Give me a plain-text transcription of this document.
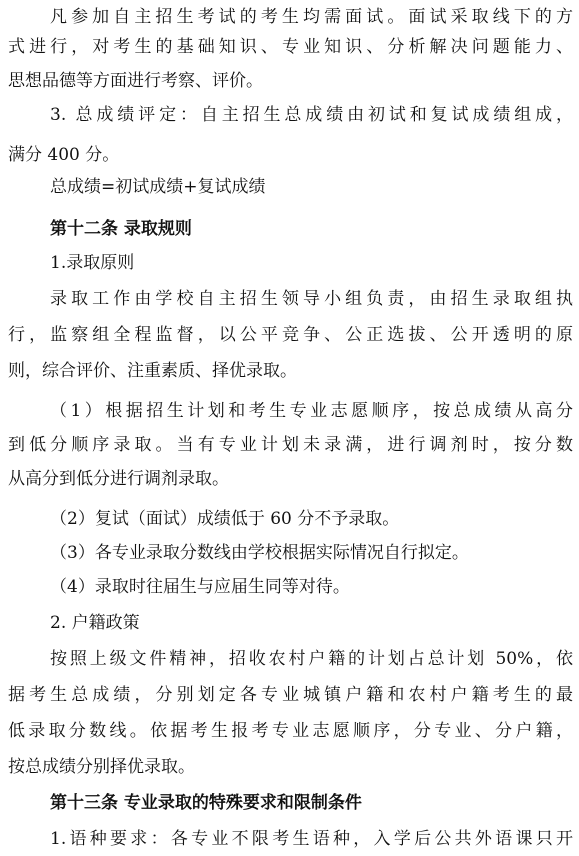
凡参加自主招生考试的考生均需面试。面试采取线下的方
式进行，对考生的基础知识、专业知识、分析解决问题能力、
思想品德等方面进行考察、评价。
3. 总成绩评定：自主招生总成绩由初试和复试成绩组成，
满分 400 分。
总成绩=初试成绩+复试成绩
第十二条 录取规则
1.录取原则
录取工作由学校自主招生领导小组负责，由招生录取组执
行，监察组全程监督，以公平竞争、公正选拔、公开透明的原
则，综合评价、注重素质、择优录取。
（1）根据招生计划和考生专业志愿顺序，按总成绩从高分
到低分顺序录取。当有专业计划未录满，进行调剂时，按分数
从高分到低分进行调剂录取。
（2）复试（面试）成绩低于 60 分不予录取。
（3）各专业录取分数线由学校根据实际情况自行拟定。
（4）录取时往届生与应届生同等对待。
2. 户籍政策
按照上级文件精神，招收农村户籍的计划占总计划 50%，依
据考生总成绩，分别划定各专业城镇户籍和农村户籍考生的最
低录取分数线。依据考生报考专业志愿顺序，分专业、分户籍，
按总成绩分别择优录取。
第十三条 专业录取的特殊要求和限制条件
1.语种要求：各专业不限考生语种，入学后公共外语课只开
